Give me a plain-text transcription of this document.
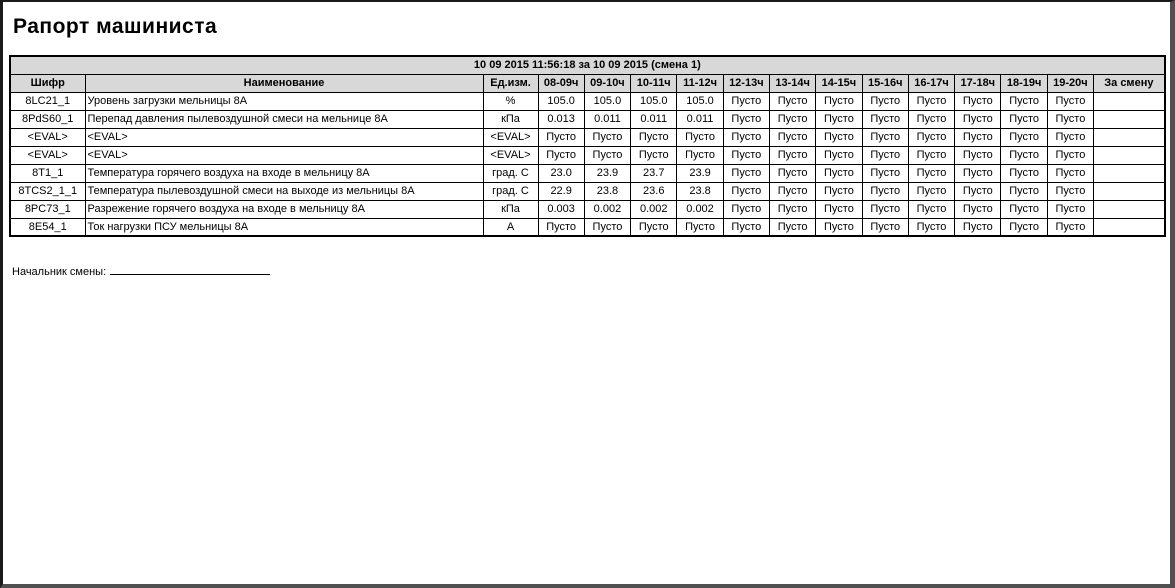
Рапорт машиниста
10 09 2015 11:56:18 за 10 09 2015 (смена 1)															
Шифр	Наименование	Ед.изм.	08-09ч	09-10ч	10-11ч	11-12ч	12-13ч	13-14ч	14-15ч	15-16ч	16-17ч	17-18ч	18-19ч	19-20ч	За смену
8LC21_1	Уровень загрузки мельницы 8А	%	105.0	105.0	105.0	105.0	Пусто	Пусто	Пусто	Пусто	Пусто	Пусто	Пусто	Пусто	
8PdS60_1	Перепад давления пылевоздушной смеси на мельнице 8А	кПа	0.013	0.011	0.011	0.011	Пусто	Пусто	Пусто	Пусто	Пусто	Пусто	Пусто	Пусто	
<EVAL>	<EVAL>	<EVAL>	Пусто	Пусто	Пусто	Пусто	Пусто	Пусто	Пусто	Пусто	Пусто	Пусто	Пусто	Пусто	
<EVAL>	<EVAL>	<EVAL>	Пусто	Пусто	Пусто	Пусто	Пусто	Пусто	Пусто	Пусто	Пусто	Пусто	Пусто	Пусто	
8T1_1	Температура горячего воздуха на входе в мельницу 8А	град. C	23.0	23.9	23.7	23.9	Пусто	Пусто	Пусто	Пусто	Пусто	Пусто	Пусто	Пусто	
8TCS2_1_1	Температура пылевоздушной смеси на выходе из мельницы 8А	град. C	22.9	23.8	23.6	23.8	Пусто	Пусто	Пусто	Пусто	Пусто	Пусто	Пусто	Пусто	
8PC73_1	Разрежение горячего воздуха на входе в мельницу 8А	кПа	0.003	0.002	0.002	0.002	Пусто	Пусто	Пусто	Пусто	Пусто	Пусто	Пусто	Пусто	
8E54_1	Ток нагрузки ПСУ мельницы 8А	А	Пусто	Пусто	Пусто	Пусто	Пусто	Пусто	Пусто	Пусто	Пусто	Пусто	Пусто	Пусто	
Начальник смены:
